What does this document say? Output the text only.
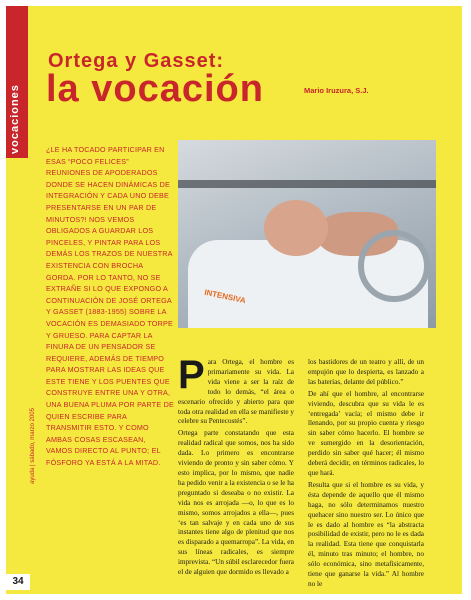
vocaciones
Ortega y Gasset:
la vocación	Mario Iruzura, S.J.
¿LE HA TOCADO PARTICIPAR EN ESAS “POCO FELICES” REUNIONES DE APODERADOS DONDE SE HACEN DINÁMICAS DE INTEGRACIÓN Y CADA UNO DEBE PRESENTARSE EN UN PAR DE MINUTOS?! NOS VEMOS OBLIGADOS A GUARDAR LOS PINCELES, Y PINTAR PARA LOS DEMÁS LOS TRAZOS DE NUESTRA EXISTENCIA CON BROCHA GORDA. POR LO TANTO, NO SE EXTRAÑE SI LO QUE EXPONGO A CONTINUACIÓN DE JOSÉ ORTEGA Y GASSET (1883-1955) SOBRE LA VOCACIÓN ES DEMASIADO TORPE Y GRUESO. PARA CAPTAR LA FINURA DE UN PENSADOR SE REQUIERE, ADEMÁS DE TIEMPO PARA MOSTRAR LAS IDEAS QUE ESTE TIENE Y LOS PUENTES QUE CONSTRUYE ENTRE UNA Y OTRA, UNA BUENA PLUMA POR PARTE DE QUIEN ESCRIBE PARA TRANSMITIR ESTO. Y COMO AMBAS COSAS ESCASEAN, VAMOS DIRECTO AL PUNTO; EL FÓSFORO YA ESTÁ A LA MITAD.
INTENSIVA

Para Ortega, el hombre es primariamente su vida. La vida viene a ser la raíz de todo lo demás, “el área o escenario ofrecido y abierto para que toda otra realidad en ella se manifieste y celebre su Pentecostés”.

Ortega parte constatando que esta realidad radical que somos, nos ha sido dada. Lo primero es encontrarse viviendo de pronto y sin saber cómo. Y esto implica, por lo mismo, que nadie ha pedido venir a la existencia o se le ha preguntado si deseaba o no existir. La vida nos es arrojada —o, lo que es lo mismo, somos arrojados a ella—, pues ‘es tan salvaje y en cada uno de sus instantes tiene algo de plenitud que nos es disparado a quemarropa”. La vida, en sus líneas radicales, es siempre imprevista. “Un súbil esclarecedor fuera el de alguien que dormido es llevado a

los bastidores de un teatro y allí, de un empujón que lo despierta, es lanzado a las baterías, delante del público.”

De ahí que el hombre, al encontrarse viviendo, descubra que su vida le es ‘entregada’ vacía; el mismo debe ir llenando, por su propio cuenta y riesgo sin saber cómo hacerlo. El hombre se ve sumergido en la desorientación, perdido sin saber qué hacer; él mismo deberá decidir, en términos radicales, lo que hará.

Resulta que si el hombre es su vida, y ésta depende de aquello que él mismo haga, no sólo determinamos nuestro quehacer sino nuestro ser. Lo único que le es dado al hombre es “la abstracta posibilidad de existir, pero no le es dada la realidad. Esta tiene que conquistarla él, minuto tras minuto; el hombre, no sólo económica, sino metafísicamente, tiene que ganarse la vida.” Al hombre no le

ayuda | sábado, marzo 2005
34
